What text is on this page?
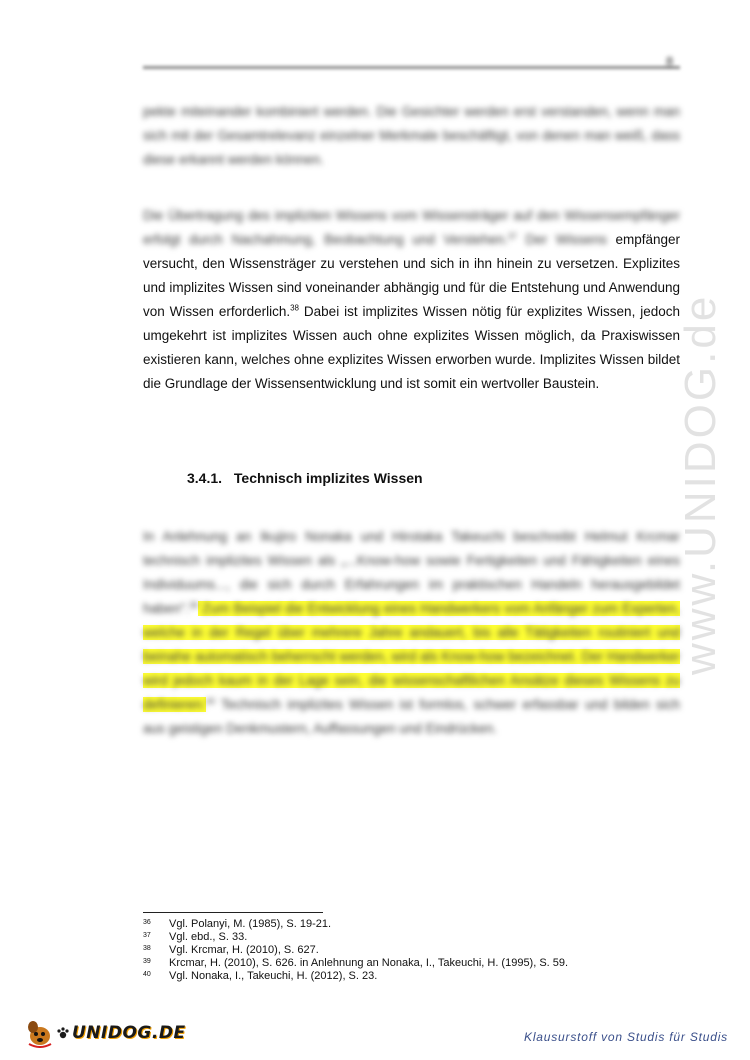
8
pekte miteinander kombiniert werden. Die Gesichter werden erst verstanden, wenn man sich mit der Gesamtrelevanz einzelner Merkmale beschäftigt, von denen man weiß, dass diese erkannt werden können.
Die Übertragung des impliziten Wissens vom Wissensträger auf den Wissensempfänger erfolgt durch Nachahmung, Beobachtung und Verstehen.$^{37}$ Der Wissens empfänger versucht, den Wissensträger zu verstehen und sich in ihn hinein zu versetzen. Explizites und implizites Wissen sind voneinander abhängig und für die Entstehung und Anwendung von Wissen erforderlich.$^{38}$ Dabei ist implizites Wissen nötig für explizites Wissen, jedoch umgekehrt ist implizites Wissen auch ohne explizites Wissen möglich, da Praxiswissen existieren kann, welches ohne explizites Wissen erworben wurde. Implizites Wissen bildet die Grundlage der Wissensentwicklung und ist somit ein wertvoller Baustein.
3.4.1. Technisch implizites Wissen
In Anlehnung an Ikujiro Nonaka und Hirotaka Takeuchi beschreibt Helmut Krcmar technisch implizites Wissen als „...Know-how sowie Fertigkeiten und Fähigkeiten eines Individuums..., die sich durch Erfahrungen im praktischen Handeln herausgebildet haben".$^{39}$ Zum Beispiel die Entwicklung eines Handwerkers vom Anfänger zum Experten, welche in der Regel über mehrere Jahre andauert, bis alle Tätigkeiten routiniert und beinahe automatisch beherrscht werden, wird als Know-how bezeichnet. Der Handwerker wird jedoch kaum in der Lage sein, die wissenschaftlichen Ansätze dieses Wissens zu definieren.$^{40}$ Technisch implizites Wissen ist formlos, schwer erfassbar und bilden sich aus geistigen Denkmustern, Auffassungen und Eindrücken.
www.UNIDOG.de
36	Vgl. Polanyi, M. (1985), S. 19-21.
37	Vgl. ebd., S. 33.
38	Vgl. Krcmar, H. (2010), S. 627.
39	Krcmar, H. (2010), S. 626. in Anlehnung an Nonaka, I., Takeuchi, H. (1995), S. 59.
40	Vgl. Nonaka, I., Takeuchi, H. (2012), S. 23.
UNIDOG.DE	Klausurstoff von Studis für Studis
